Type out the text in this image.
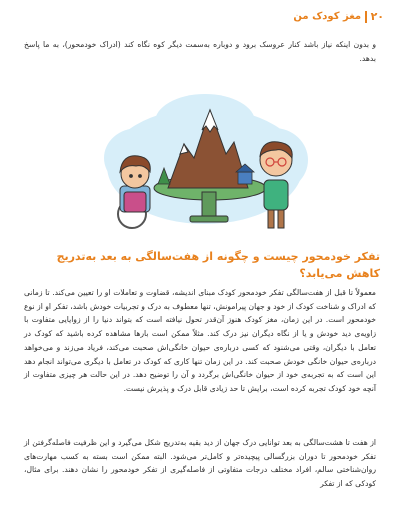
۲۰
مغز کودک من

و بدون اینکه نیاز باشد کنار عروسک برود و دوباره به‌سمت دیگر کوه نگاه کند (ادراک خودمحور)، به ما پاسخ بدهد.

تفکر خودمحور چیست و چگونه از هفت‌سالگی به بعد به‌تدریج کاهش می‌یابد؟

معمولاً تا قبل از هفت‌سالگی تفکر خودمحور کودک مبنای اندیشه، قضاوت و تعاملات او را تعیین می‌کند. تا زمانی که ادراک و شناخت کودک از خود و جهان پیرامونش، تنها معطوف به درک و تجربیات خودش باشد، تفکر او از نوع خودمحور است. در این زمان، مغز کودک هنوز آن‌قدر تحول نیافته است که بتواند دنیا را از زوایایی متفاوت با زاویه‌ی دید خودش و یا از نگاه دیگران نیز درک کند. مثلاً ممکن است بارها مشاهده کرده باشید که کودک در تعامل با دیگران، وقتی می‌شنود که کسی درباره‌ی حیوان خانگی‌اش صحبت می‌کند، فریاد می‌زند و می‌خواهد درباره‌ی حیوان خانگی خودش صحبت کند. در این زمان تنها کاری که کودک در تعامل با دیگری می‌تواند انجام دهد این است که به تجربه‌ی خود از حیوان خانگی‌اش برگردد و آن را توضیح دهد. در این حالت هر چیزی متفاوت از آنچه خود کودک تجربه کرده است، برایش تا حد زیادی قابل درک و پذیرش نیست.

از هفت تا هشت‌سالگی به بعد توانایی درک جهان از دید بقیه به‌تدریج شکل می‌گیرد و این ظرفیت فاصله‌گرفتن از تفکر خودمحور تا دوران بزرگسالی پیچیده‌تر و کامل‌تر می‌شود. البته ممکن است بسته به کسب مهارت‌های روان‌شناختی سالم، افراد مختلف درجات متفاوتی از فاصله‌گیری از تفکر خودمحور را نشان دهند. برای مثال، کودکی که از تفکر
